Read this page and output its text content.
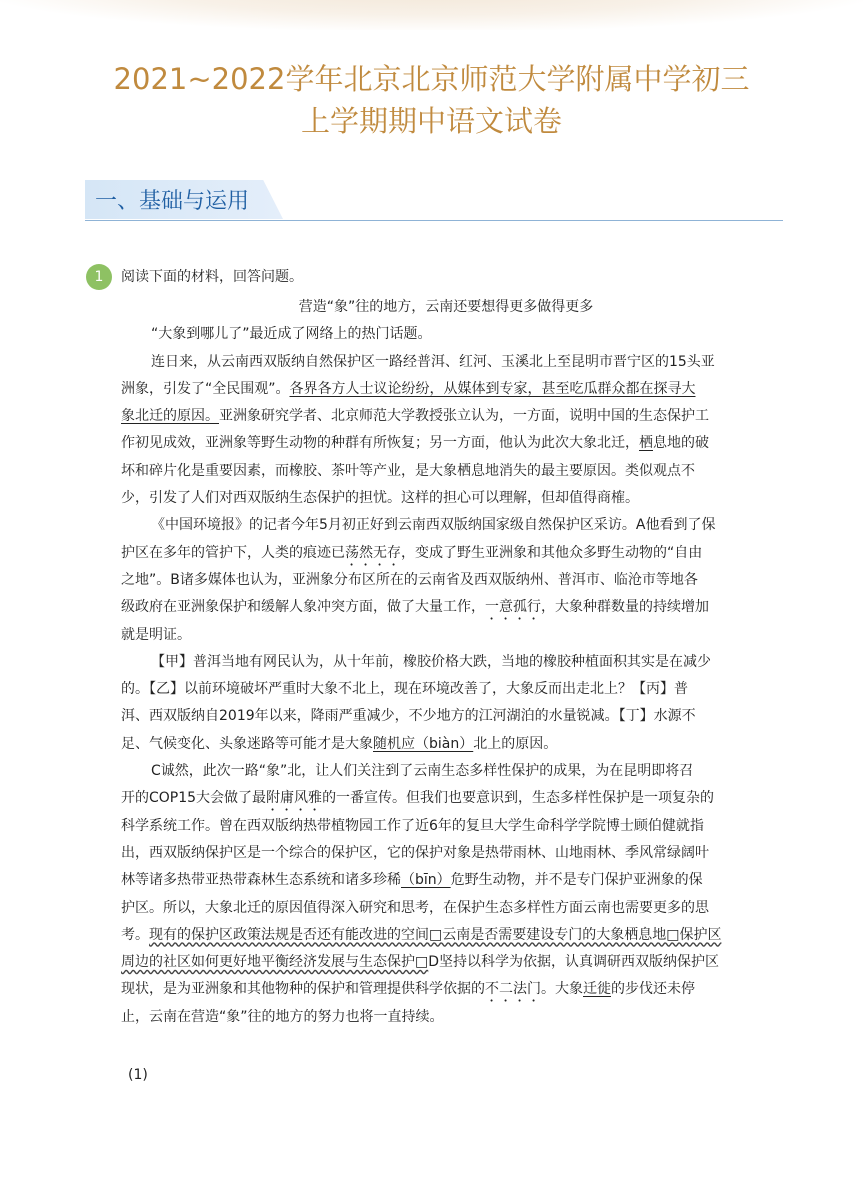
2021~2022学年北京北京师范大学附属中学初三
上学期期中语文试卷
一、基础与运用
1	阅读下面的材料，回答问题。
营造“象”往的地方，云南还要想得更多做得更多
“大象到哪儿了”最近成了网络上的热门话题。
连日来，从云南西双版纳自然保护区一路经普洱、红河、玉溪北上至昆明市晋宁区的15头亚
洲象，引发了“全民围观”。各界各方人士议论纷纷，从媒体到专家，甚至吃瓜群众都在探寻大
象北迁的原因。亚洲象研究学者、北京师范大学教授张立认为，一方面，说明中国的生态保护工
作初见成效，亚洲象等野生动物的种群有所恢复；另一方面，他认为此次大象北迁，栖息地的破
坏和碎片化是重要因素，而橡胶、茶叶等产业，是大象栖息地消失的最主要原因。类似观点不
少，引发了人们对西双版纳生态保护的担忧。这样的担心可以理解，但却值得商榷。
《中国环境报》的记者今年5月初正好到云南西双版纳国家级自然保护区采访。A他看到了保
护区在多年的管护下，人类的痕迹已荡然无存，变成了野生亚洲象和其他众多野生动物的“自由
之地”。B诸多媒体也认为，亚洲象分布区所在的云南省及西双版纳州、普洱市、临沧市等地各
级政府在亚洲象保护和缓解人象冲突方面，做了大量工作，一意孤行，大象种群数量的持续增加
就是明证。
【甲】普洱当地有网民认为，从十年前，橡胶价格大跌，当地的橡胶种植面积其实是在减少
的。【乙】以前环境破坏严重时大象不北上，现在环境改善了，大象反而出走北上？【丙】普
洱、西双版纳自2019年以来，降雨严重减少，不少地方的江河湖泊的水量锐减。【丁】水源不
足、气候变化、头象迷路等可能才是大象随机应（biàn）北上的原因。
C诚然，此次一路“象”北，让人们关注到了云南生态多样性保护的成果，为在昆明即将召
开的COP15大会做了最附庸风雅的一番宣传。但我们也要意识到，生态多样性保护是一项复杂的
科学系统工作。曾在西双版纳热带植物园工作了近6年的复旦大学生命科学学院博士顾伯健就指
出，西双版纳保护区是一个综合的保护区，它的保护对象是热带雨林、山地雨林、季风常绿阔叶
林等诸多热带亚热带森林生态系统和诸多珍稀（bīn）危野生动物，并不是专门保护亚洲象的保
护区。所以，大象北迁的原因值得深入研究和思考，在保护生态多样性方面云南也需要更多的思
考。现有的保护区政策法规是否还有能改进的空间□云南是否需要建设专门的大象栖息地□保护区
周边的社区如何更好地平衡经济发展与生态保护□D坚持以科学为依据，认真调研西双版纳保护区
现状，是为亚洲象和其他物种的保护和管理提供科学依据的不二法门。大象迁徙的步伐还未停
止，云南在营造“象”往的地方的努力也将一直持续。
(1)
